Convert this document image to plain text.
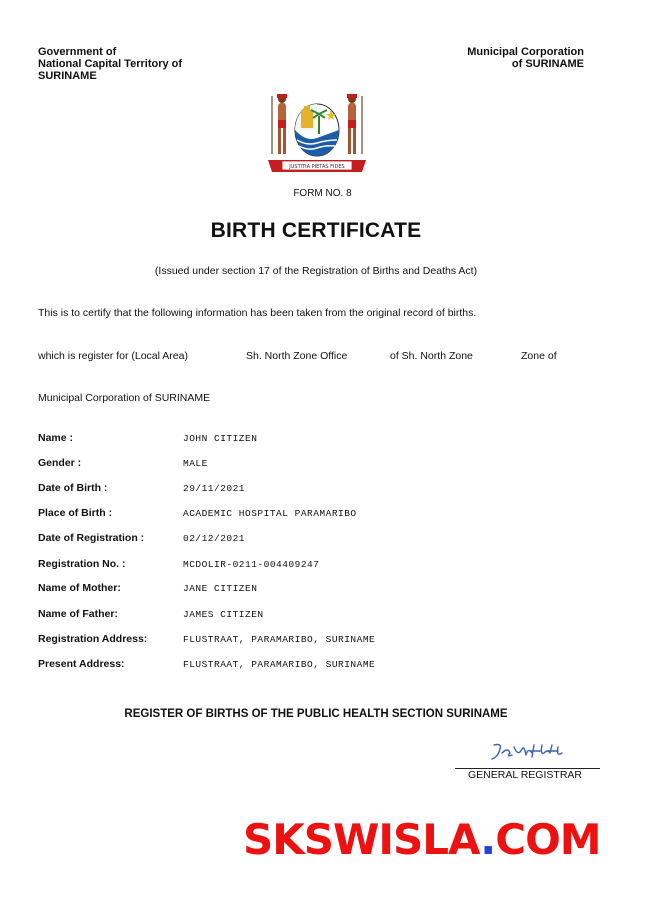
Government of
National Capital Territory of
SURINAME
Municipal Corporation
of SURINAME
JUSTITIA PIETAS FIDES
FORM NO. 8
BIRTH CERTIFICATE
(Issued under section 17 of the Registration of Births and Deaths Act)
This is to certify that the following information has been taken from the original record of births.
which is register for (Local Area)	Sh. North Zone Office	of Sh. North Zone	Zone of
Municipal Corporation of SURINAME
Name :	JOHN CITIZEN
Gender :	MALE
Date of Birth :	29/11/2021
Place of Birth :	ACADEMIC HOSPITAL PARAMARIBO
Date of Registration :	02/12/2021
Registration No. :	MCDOLIR-0211-004409247
Name of Mother:	JANE CITIZEN
Name of Father:	JAMES CITIZEN
Registration Address:	FLUSTRAAT, PARAMARIBO, SURINAME
Present Address:	FLUSTRAAT, PARAMARIBO, SURINAME
REGISTER OF BIRTHS OF THE PUBLIC HEALTH SECTION SURINAME
GENERAL REGISTRAR
SKSWISLA.COM
